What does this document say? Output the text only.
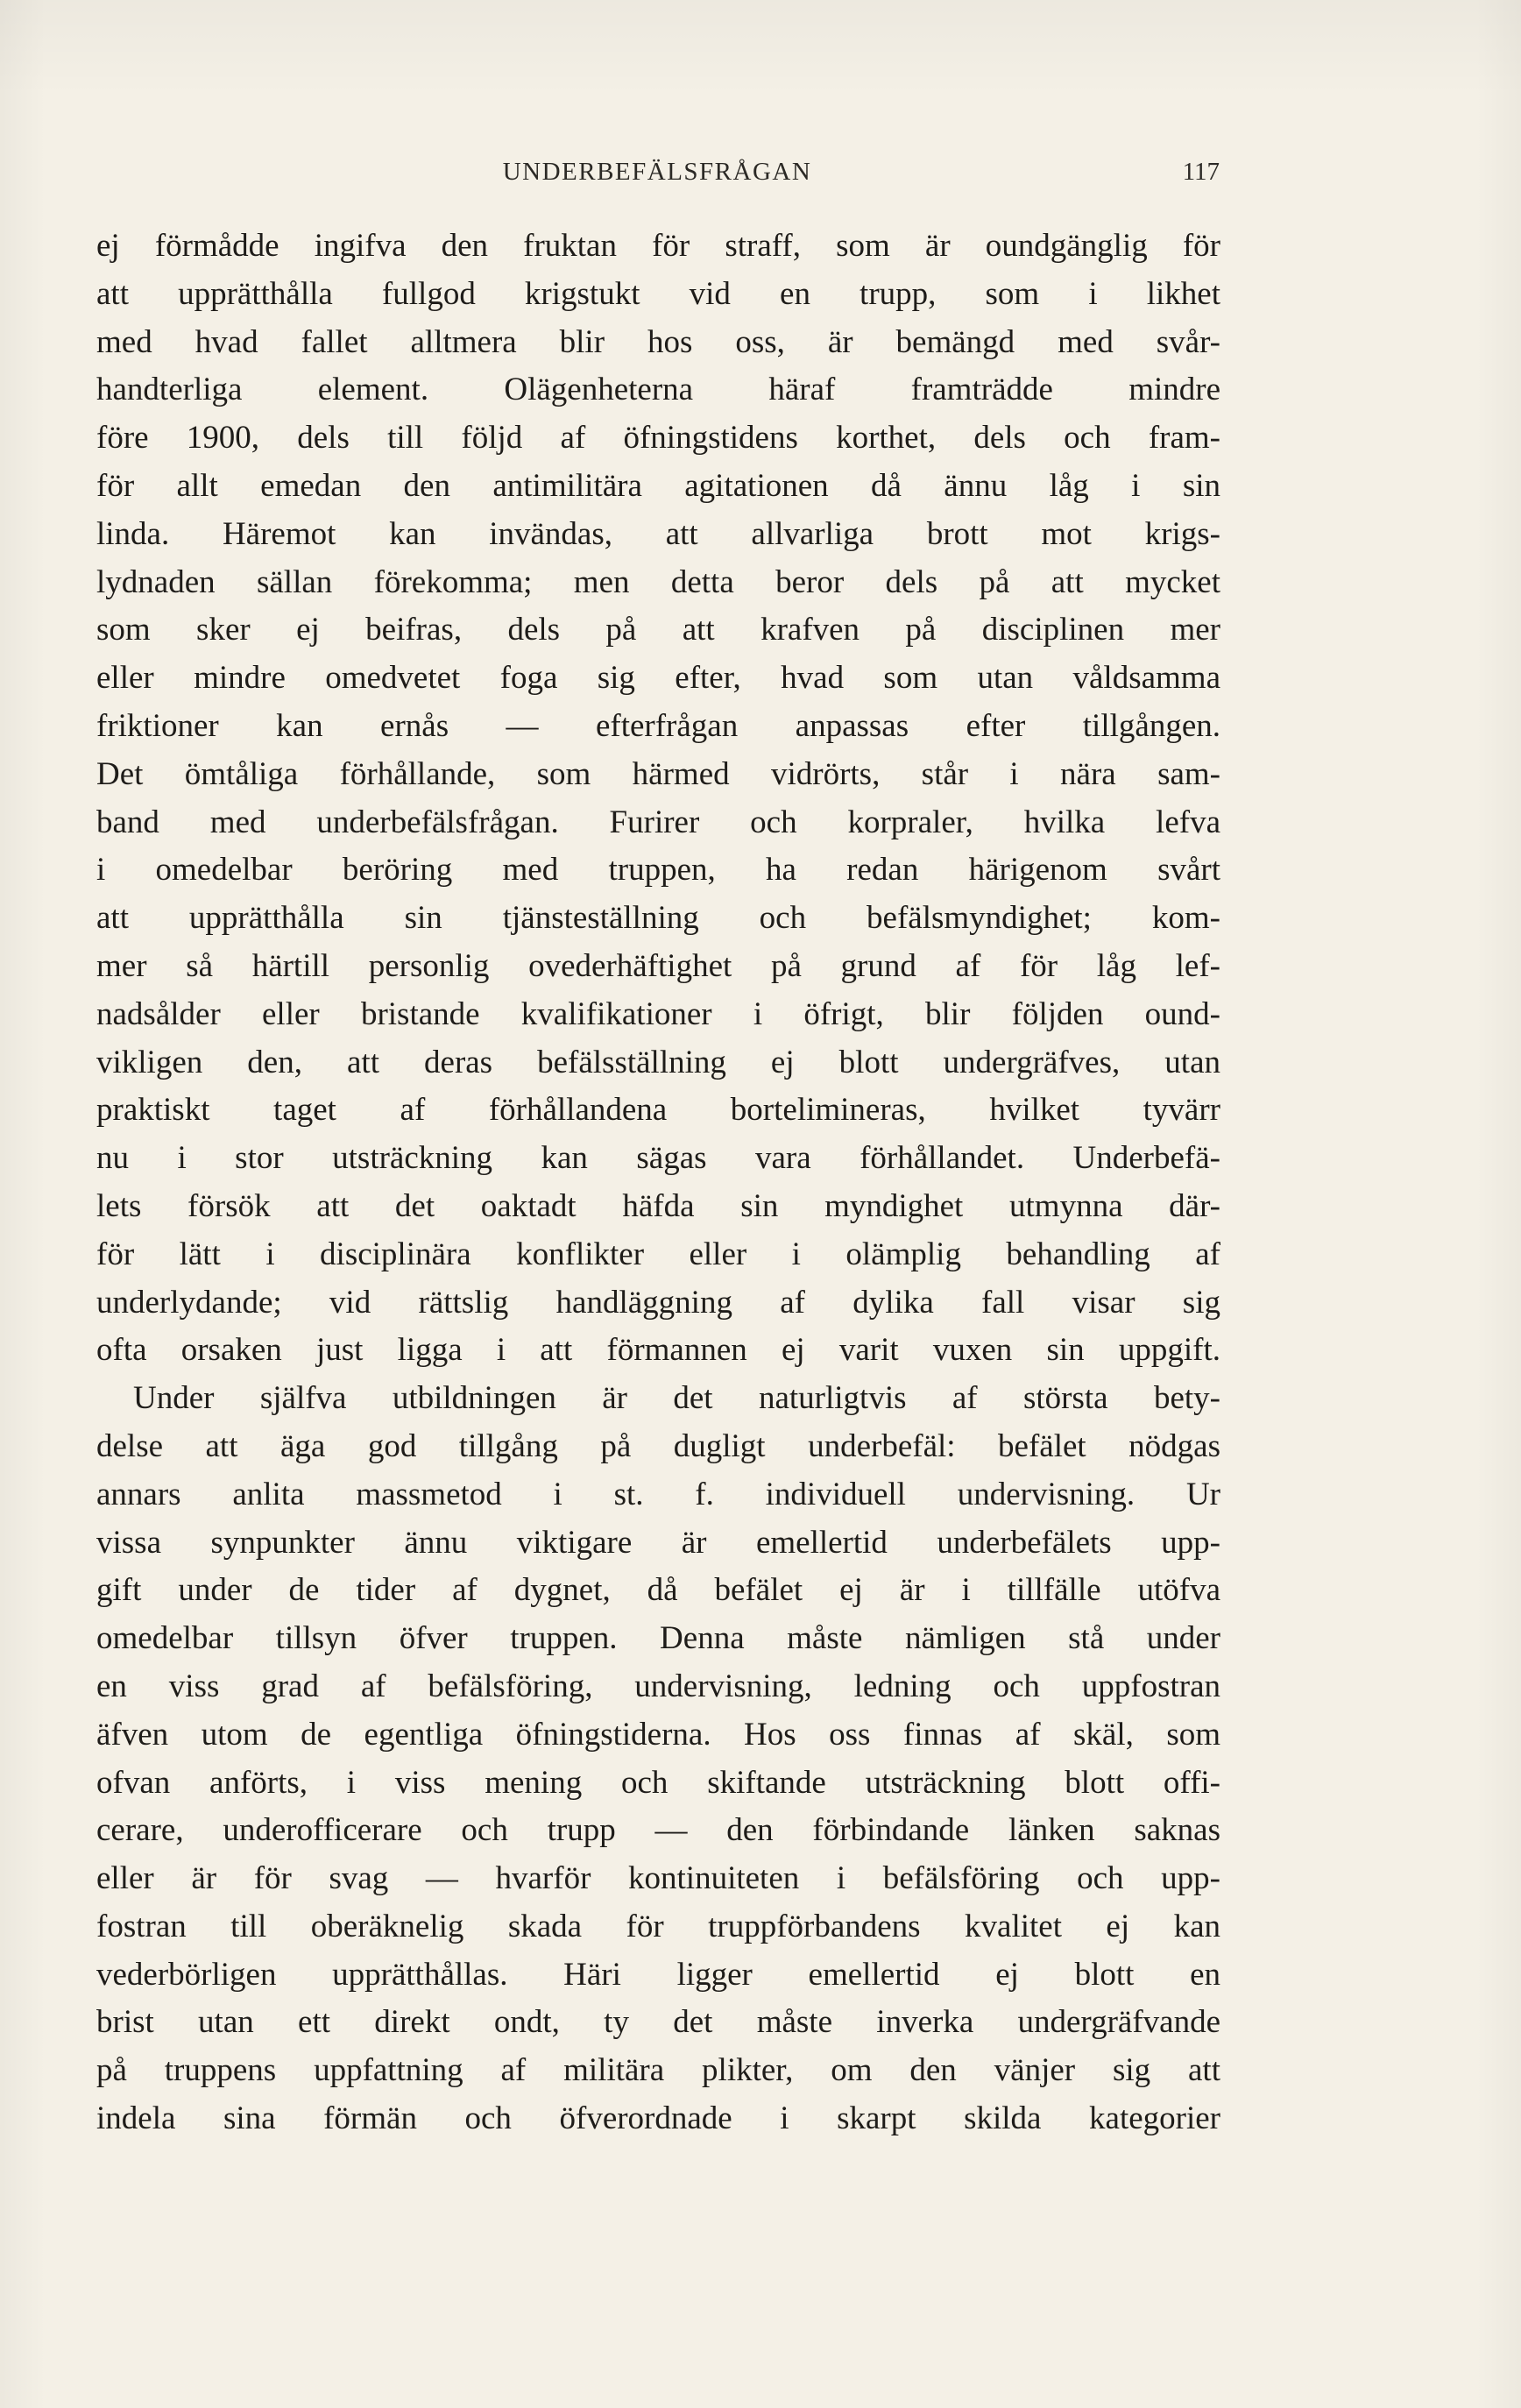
UNDERBEFÄLSFRÅGAN	117
ej förmådde ingifva den fruktan för straff, som är oundgänglig för
att upprätthålla fullgod krigstukt vid en trupp, som i likhet
med hvad fallet alltmera blir hos oss, är bemängd med svår-
handterliga element. Olägenheterna häraf framträdde mindre
före 1900, dels till följd af öfningstidens korthet, dels och fram-
för allt emedan den antimilitära agitationen då ännu låg i sin
linda. Häremot kan invändas, att allvarliga brott mot krigs-
lydnaden sällan förekomma; men detta beror dels på att mycket
som sker ej beifras, dels på att krafven på disciplinen mer
eller mindre omedvetet foga sig efter, hvad som utan våldsamma
friktioner kan ernås — efterfrågan anpassas efter tillgången.
Det ömtåliga förhållande, som härmed vidrörts, står i nära sam-
band med underbefälsfrågan. Furirer och korpraler, hvilka lefva
i omedelbar beröring med truppen, ha redan härigenom svårt
att upprätthålla sin tjänsteställning och befälsmyndighet; kom-
mer så härtill personlig ovederhäftighet på grund af för låg lef-
nadsålder eller bristande kvalifikationer i öfrigt, blir följden ound-
vikligen den, att deras befälsställning ej blott undergräfves, utan
praktiskt taget af förhållandena bortelimineras, hvilket tyvärr
nu i stor utsträckning kan sägas vara förhållandet. Underbefä-
lets försök att det oaktadt häfda sin myndighet utmynna där-
för lätt i disciplinära konflikter eller i olämplig behandling af
underlydande; vid rättslig handläggning af dylika fall visar sig
ofta orsaken just ligga i att förmannen ej varit vuxen sin uppgift.
Under själfva utbildningen är det naturligtvis af största bety-
delse att äga god tillgång på dugligt underbefäl: befälet nödgas
annars anlita massmetod i st. f. individuell undervisning. Ur
vissa synpunkter ännu viktigare är emellertid underbefälets upp-
gift under de tider af dygnet, då befälet ej är i tillfälle utöfva
omedelbar tillsyn öfver truppen. Denna måste nämligen stå under
en viss grad af befälsföring, undervisning, ledning och uppfostran
äfven utom de egentliga öfningstiderna. Hos oss finnas af skäl, som
ofvan anförts, i viss mening och skiftande utsträckning blott offi-
cerare, underofficerare och trupp — den förbindande länken saknas
eller är för svag — hvarför kontinuiteten i befälsföring och upp-
fostran till oberäknelig skada för truppförbandens kvalitet ej kan
vederbörligen upprätthållas. Häri ligger emellertid ej blott en
brist utan ett direkt ondt, ty det måste inverka undergräfvande
på truppens uppfattning af militära plikter, om den vänjer sig att
indela sina förmän och öfverordnade i skarpt skilda kategorier
